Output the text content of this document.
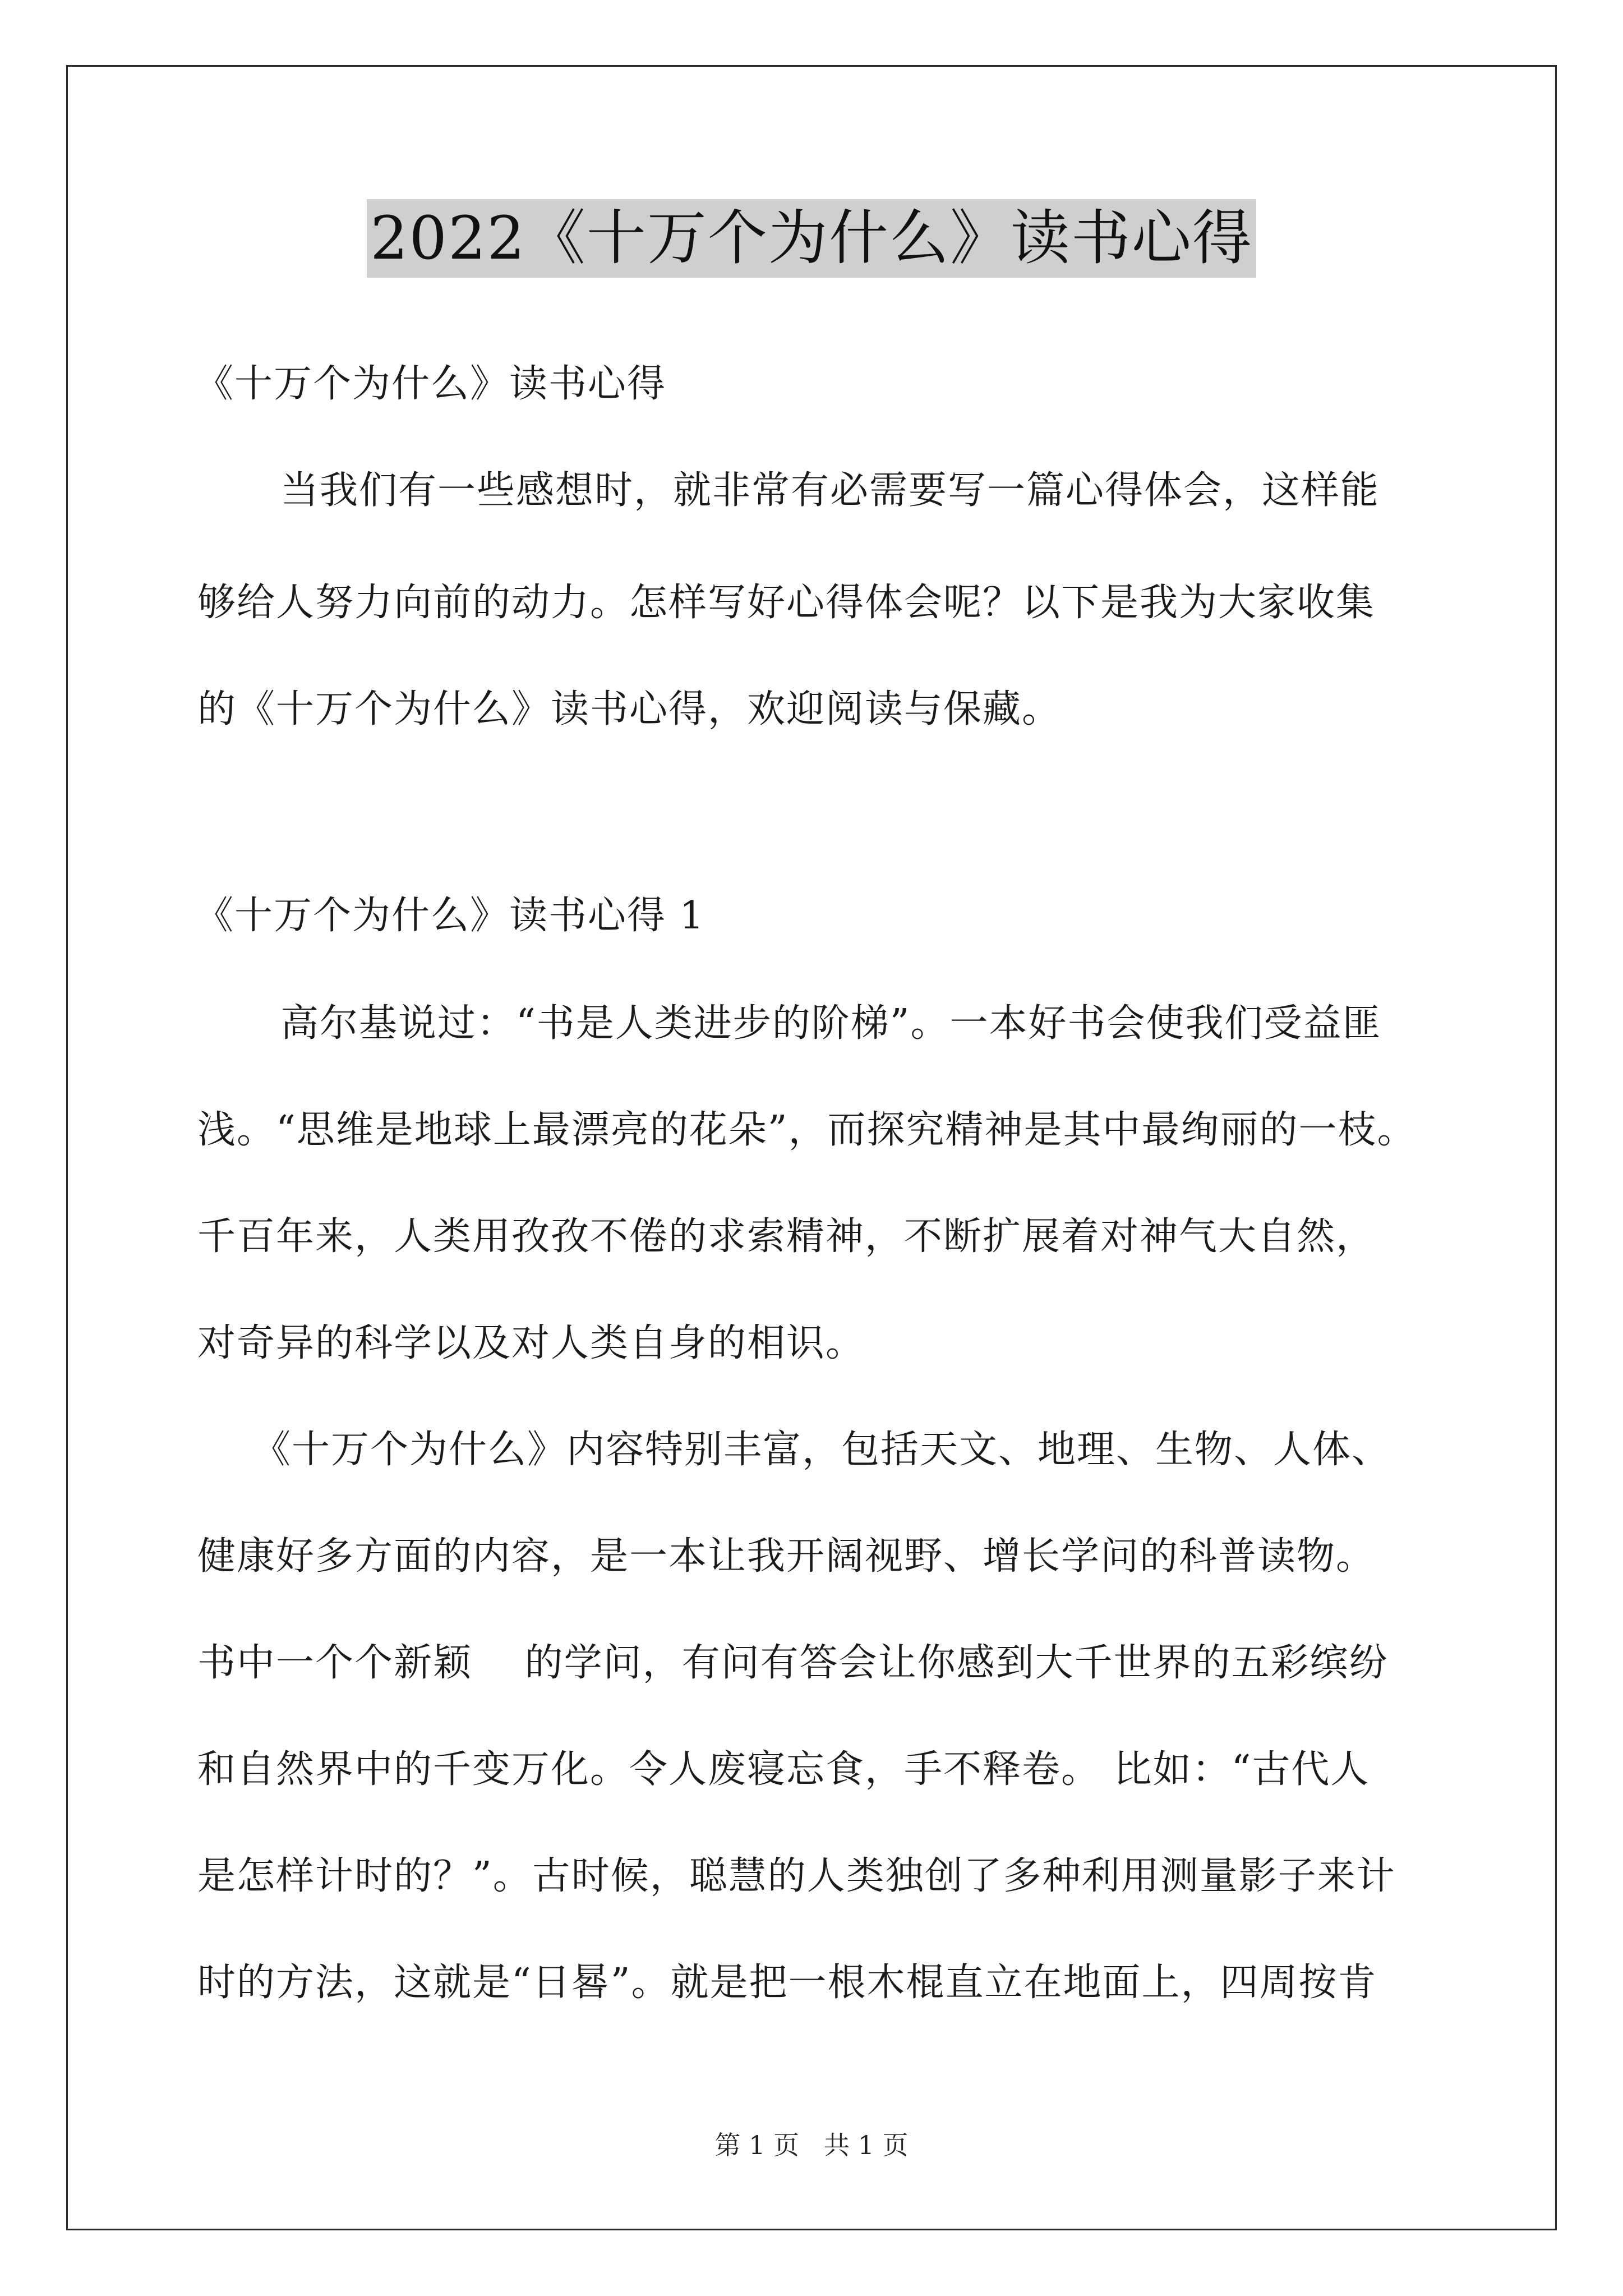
2022《十万个为什么》读书心得
《十万个为什么》读书心得
当我们有一些感想时，就非常有必需要写一篇心得体会，这样能
够给人努力向前的动力。怎样写好心得体会呢？以下是我为大家收集
的《十万个为什么》读书心得，欢迎阅读与保藏。
《十万个为什么》读书心得 1
高尔基说过：“书是人类进步的阶梯”。一本好书会使我们受益匪
浅。“思维是地球上最漂亮的花朵”，而探究精神是其中最绚丽的一枝。
千百年来，人类用孜孜不倦的求索精神，不断扩展着对神气大自然，
对奇异的科学以及对人类自身的相识。
《十万个为什么》内容特别丰富，包括天文、地理、生物、人体、
健康好多方面的内容，是一本让我开阔视野、增长学问的科普读物。
书中一个个新颖　 的学问，有问有答会让你感到大千世界的五彩缤纷
和自然界中的千变万化。令人废寝忘食，手不释卷。 比如：“古代人
是怎样计时的？”。古时候，聪慧的人类独创了多种利用测量影子来计
时的方法，这就是“日晷”。就是把一根木棍直立在地面上，四周按肯
第 1 页 共 1 页
